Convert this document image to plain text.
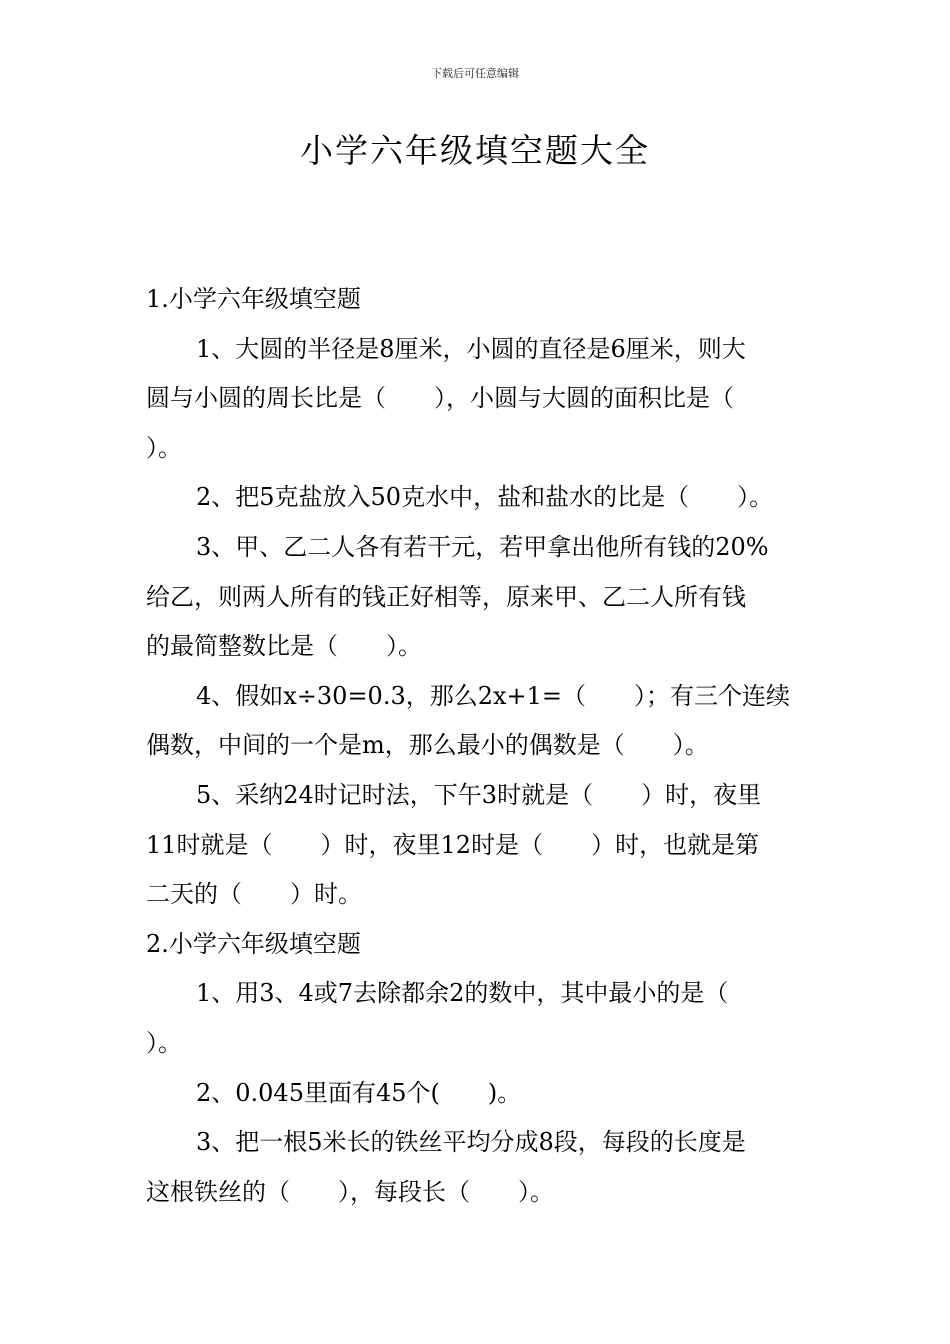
下载后可任意编辑
小学六年级填空题大全
1.小学六年级填空题
1、大圆的半径是8厘米，小圆的直径是6厘米，则大
圆与小圆的周长比是（　　），小圆与大圆的面积比是（
）。
2、把5克盐放入50克水中，盐和盐水的比是（　　）。
3、甲、乙二人各有若干元，若甲拿出他所有钱的20%
给乙，则两人所有的钱正好相等，原来甲、乙二人所有钱
的最简整数比是（　　）。
4、假如x÷30=0.3，那么2x+1=（　　）；有三个连续
偶数，中间的一个是m，那么最小的偶数是（　　）。
5、采纳24时记时法，下午3时就是（　　）时，夜里
11时就是（　　）时，夜里12时是（　　）时，也就是第
二天的（　　）时。
2.小学六年级填空题
1、用3、4或7去除都余2的数中，其中最小的是（
）。
2、0.045里面有45个(　　)。
3、把一根5米长的铁丝平均分成8段，每段的长度是
这根铁丝的（　　），每段长（　　）。
